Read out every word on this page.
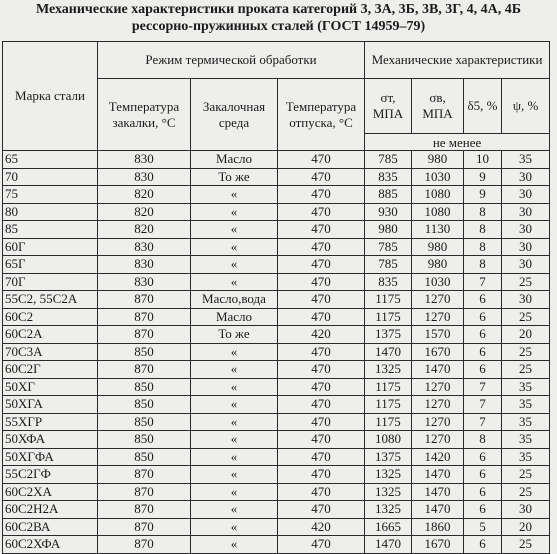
Механические характеристики проката категорий 3, 3А, 3Б, 3В, 3Г, 4, 4А, 4Б
рессорно-пружинных сталей (ГОСТ 14959–79)
Марка стали	Режим термической обработки			Механические характеристики			
	Температура закалки, °С	Закалочная среда	Температура отпуска, °С	σт, МПА	σв, МПА	δ5, %	ψ, %
				не менее			
65	830	Масло	470	785	980	10	35
70	830	То же	470	835	1030	9	30
75	820	«	470	885	1080	9	30
80	820	«	470	930	1080	8	30
85	820	«	470	980	1130	8	30
60Г	830	«	470	785	980	8	30
65Г	830	«	470	785	980	8	30
70Г	830	«	470	835	1030	7	25
55С2, 55С2А	870	Масло,вода	470	1175	1270	6	30
60С2	870	Масло	470	1175	1270	6	25
60С2А	870	То же	420	1375	1570	6	20
70С3А	850	«	470	1470	1670	6	25
60С2Г	870	«	470	1325	1470	6	25
50ХГ	850	«	470	1175	1270	7	35
50ХГА	850	«	470	1175	1270	7	35
55ХГР	850	«	470	1175	1270	7	35
50ХФА	850	«	470	1080	1270	8	35
50ХГФА	850	«	470	1375	1420	6	35
55С2ГФ	870	«	470	1325	1470	6	25
60С2ХА	870	«	470	1325	1470	6	25
60С2Н2А	870	«	470	1325	1470	6	30
60С2ВА	870	«	420	1665	1860	5	20
60С2ХФА	870	«	470	1470	1670	6	25
